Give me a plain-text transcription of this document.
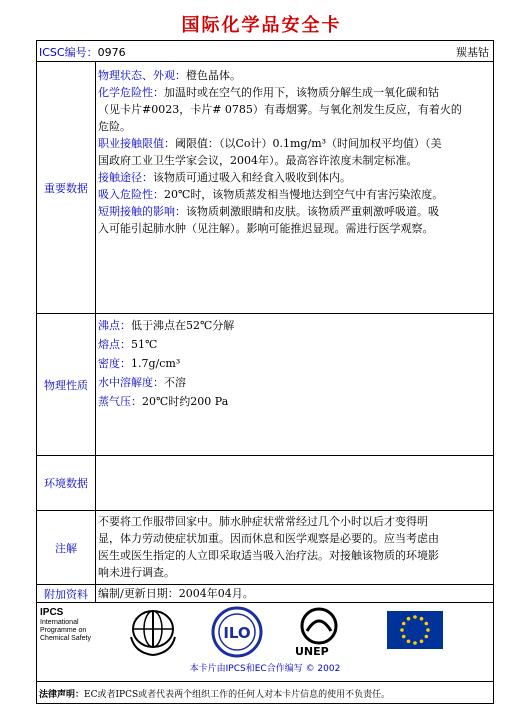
国际化学品安全卡
ICSC编号：0976	羰基钴
重要数据
物理状态、外观：橙色晶体。
化学危险性：加温时或在空气的作用下，该物质分解生成一氧化碳和钴
（见卡片#0023，卡片# 0785）有毒烟雾。与氧化剂发生反应，有着火的
危险。
职业接触限值：阈限值：（以Co计）0.1mg/m³（时间加权平均值）（美
国政府工业卫生学家会议，2004年）。最高容许浓度未制定标准。
接触途径：该物质可通过吸入和经食入吸收到体内。
吸入危险性：20℃时，该物质蒸发相当慢地达到空气中有害污染浓度。
短期接触的影响：该物质刺激眼睛和皮肤。该物质严重刺激呼吸道。吸
入可能引起肺水肿（见注解）。影响可能推迟显现。需进行医学观察。
物理性质
沸点：低于沸点在52℃分解
熔点：51℃
密度：1.7g/cm³
水中溶解度：不溶
蒸气压：20℃时约200 Pa
环境数据
注解
不要将工作服带回家中。肺水肿症状常常经过几个小时以后才变得明
显，体力劳动使症状加重。因而休息和医学观察是必要的。应当考虑由
医生或医生指定的人立即采取适当吸入治疗法。对接触该物质的环境影
响未进行调查。
附加资料 编制/更新日期：2004年04月。
IPCS
International
Programme on
Chemical Safety	ILO
UNEP
本卡片由IPCS和EC合作编写 © 2002
法律声明：EC或者IPCS或者代表两个组织工作的任何人对本卡片信息的使用不负责任。
